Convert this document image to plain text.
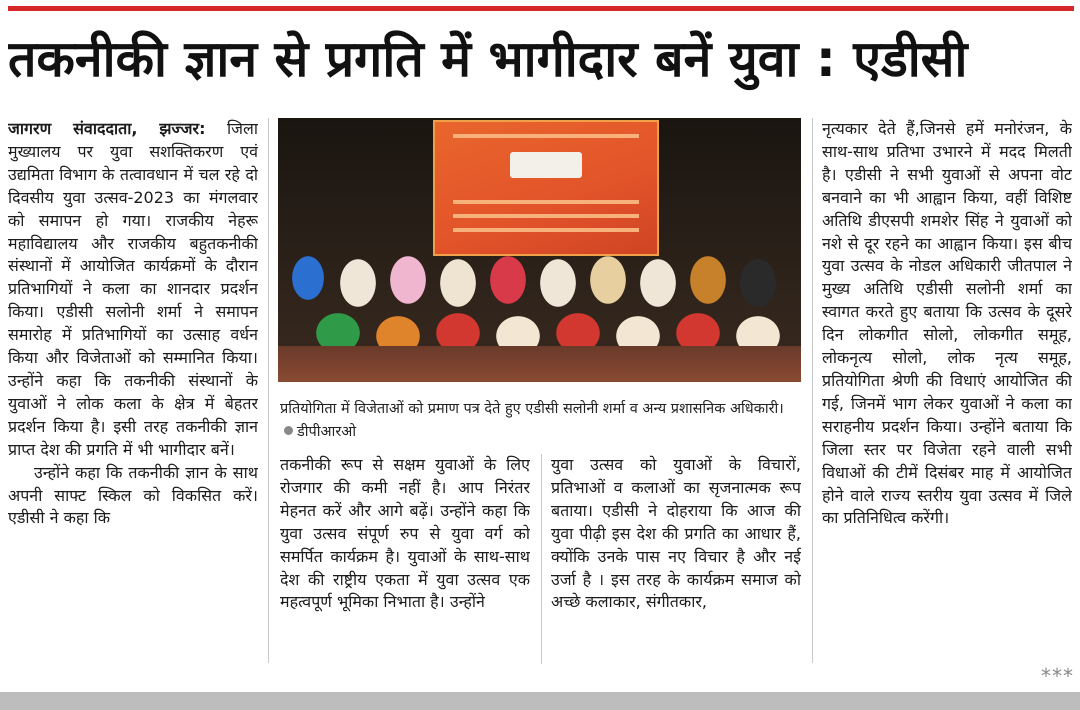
तकनीकी ज्ञान से प्रगति में भागीदार बनें युवा : एडीसी

जागरण संवाददाता, झज्जर: जिला मुख्यालय पर युवा सशक्तिकरण एवं उद्यमिता विभाग के तत्वावधान में चल रहे दो दिवसीय युवा उत्सव-2023 का मंगलवार को समापन हो गया। राजकीय नेहरू महाविद्यालय और राजकीय बहुतकनीकी संस्थानों में आयोजित कार्यक्रमों के दौरान प्रतिभागियों ने कला का शानदार प्रदर्शन किया। एडीसी सलोनी शर्मा ने समापन समारोह में प्रतिभागियों का उत्साह वर्धन किया और विजेताओं को सम्मानित किया। उन्होंने कहा कि तकनीकी संस्थानों के युवाओं ने लोक कला के क्षेत्र में बेहतर प्रदर्शन किया है। इसी तरह तकनीकी ज्ञान प्राप्त देश की प्रगति में भी भागीदार बनें।

उन्होंने कहा कि तकनीकी ज्ञान के साथ अपनी साफ्ट स्किल को विकसित करें। एडीसी ने कहा कि

प्रतियोगिता में विजेताओं को प्रमाण पत्र देते हुए एडीसी सलोनी शर्मा व अन्य प्रशासनिक अधिकारी।डीपीआरओ

तकनीकी रूप से सक्षम युवाओं के लिए रोजगार की कमी नहीं है। आप निरंतर मेहनत करें और आगे बढ़ें। उन्होंने कहा कि युवा उत्सव संपूर्ण रुप से युवा वर्ग को समर्पित कार्यक्रम है। युवाओं के साथ-साथ देश की राष्ट्रीय एकता में युवा उत्सव एक महत्वपूर्ण भूमिका निभाता है। उन्होंने

युवा उत्सव को युवाओं के विचारों, प्रतिभाओं व कलाओं का सृजनात्मक रूप बताया। एडीसी ने दोहराया कि आज की युवा पीढ़ी इस देश की प्रगति का आधार हैं, क्योंकि उनके पास नए विचार है और नई उर्जा है । इस तरह के कार्यक्रम समाज को अच्छे कलाकार, संगीतकार,

नृत्यकार देते हैं,जिनसे हमें मनोरंजन, के साथ-साथ प्रतिभा उभारने में मदद मिलती है। एडीसी ने सभी युवाओं से अपना वोट बनवाने का भी आह्वान किया, वहीं विशिष्ट अतिथि डीएसपी शमशेर सिंह ने युवाओं को नशे से दूर रहने का आह्वान किया। इस बीच युवा उत्सव के नोडल अधिकारी जीतपाल ने मुख्य अतिथि एडीसी सलोनी शर्मा का स्वागत करते हुए बताया कि उत्सव के दूसरे दिन लोकगीत सोलो, लोकगीत समूह, लोकनृत्य सोलो, लोक नृत्य समूह, प्रतियोगिता श्रेणी की विधाएं आयोजित की गई, जिनमें भाग लेकर युवाओं ने कला का सराहनीय प्रदर्शन किया। उन्होंने बताया कि जिला स्तर पर विजेता रहने वाली सभी विधाओं की टीमें दिसंबर माह में आयोजित होने वाले राज्य स्तरीय युवा उत्सव में जिले का प्रतिनिधित्व करेंगी।

***
